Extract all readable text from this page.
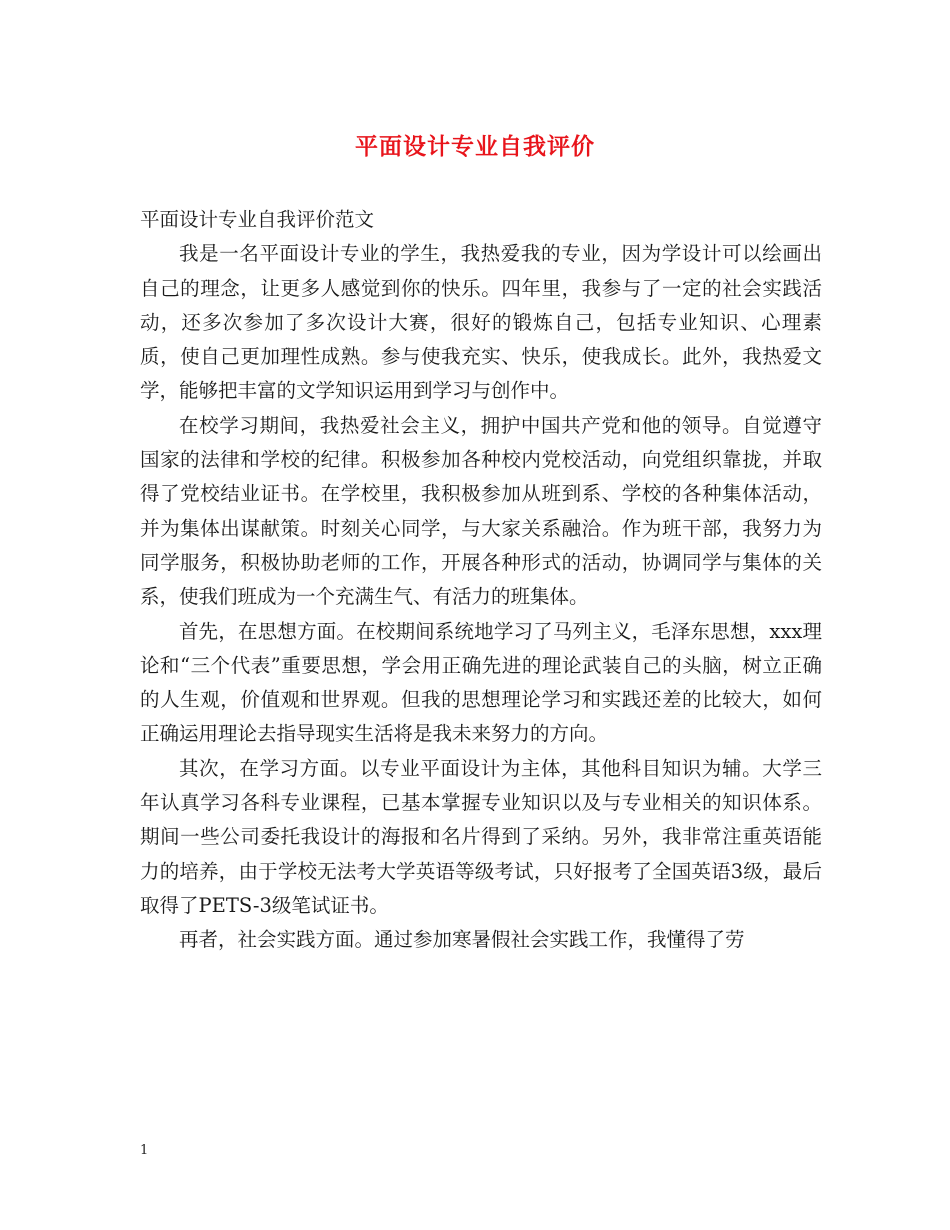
平面设计专业自我评价

平面设计专业自我评价范文

我是一名平面设计专业的学生，我热爱我的专业，因为学设计可以绘画出自己的理念，让更多人感觉到你的快乐。四年里，我参与了一定的社会实践活动，还多次参加了多次设计大赛，很好的锻炼自己，包括专业知识、心理素质，使自己更加理性成熟。参与使我充实、快乐，使我成长。此外，我热爱文学，能够把丰富的文学知识运用到学习与创作中。

在校学习期间，我热爱社会主义，拥护中国共产党和他的领导。自觉遵守国家的法律和学校的纪律。积极参加各种校内党校活动，向党组织靠拢，并取得了党校结业证书。在学校里，我积极参加从班到系、学校的各种集体活动，并为集体出谋献策。时刻关心同学，与大家关系融洽。作为班干部，我努力为同学服务，积极协助老师的工作，开展各种形式的活动，协调同学与集体的关系，使我们班成为一个充满生气、有活力的班集体。

首先，在思想方面。在校期间系统地学习了马列主义，毛泽东思想，xxx理论和“三个代表”重要思想，学会用正确先进的理论武装自己的头脑，树立正确的人生观，价值观和世界观。但我的思想理论学习和实践还差的比较大，如何正确运用理论去指导现实生活将是我未来努力的方向。

其次，在学习方面。以专业平面设计为主体，其他科目知识为辅。大学三年认真学习各科专业课程，已基本掌握专业知识以及与专业相关的知识体系。期间一些公司委托我设计的海报和名片得到了采纳。另外，我非常注重英语能力的培养，由于学校无法考大学英语等级考试，只好报考了全国英语3级，最后取得了PETS-3级笔试证书。

再者，社会实践方面。通过参加寒暑假社会实践工作，我懂得了劳

1
